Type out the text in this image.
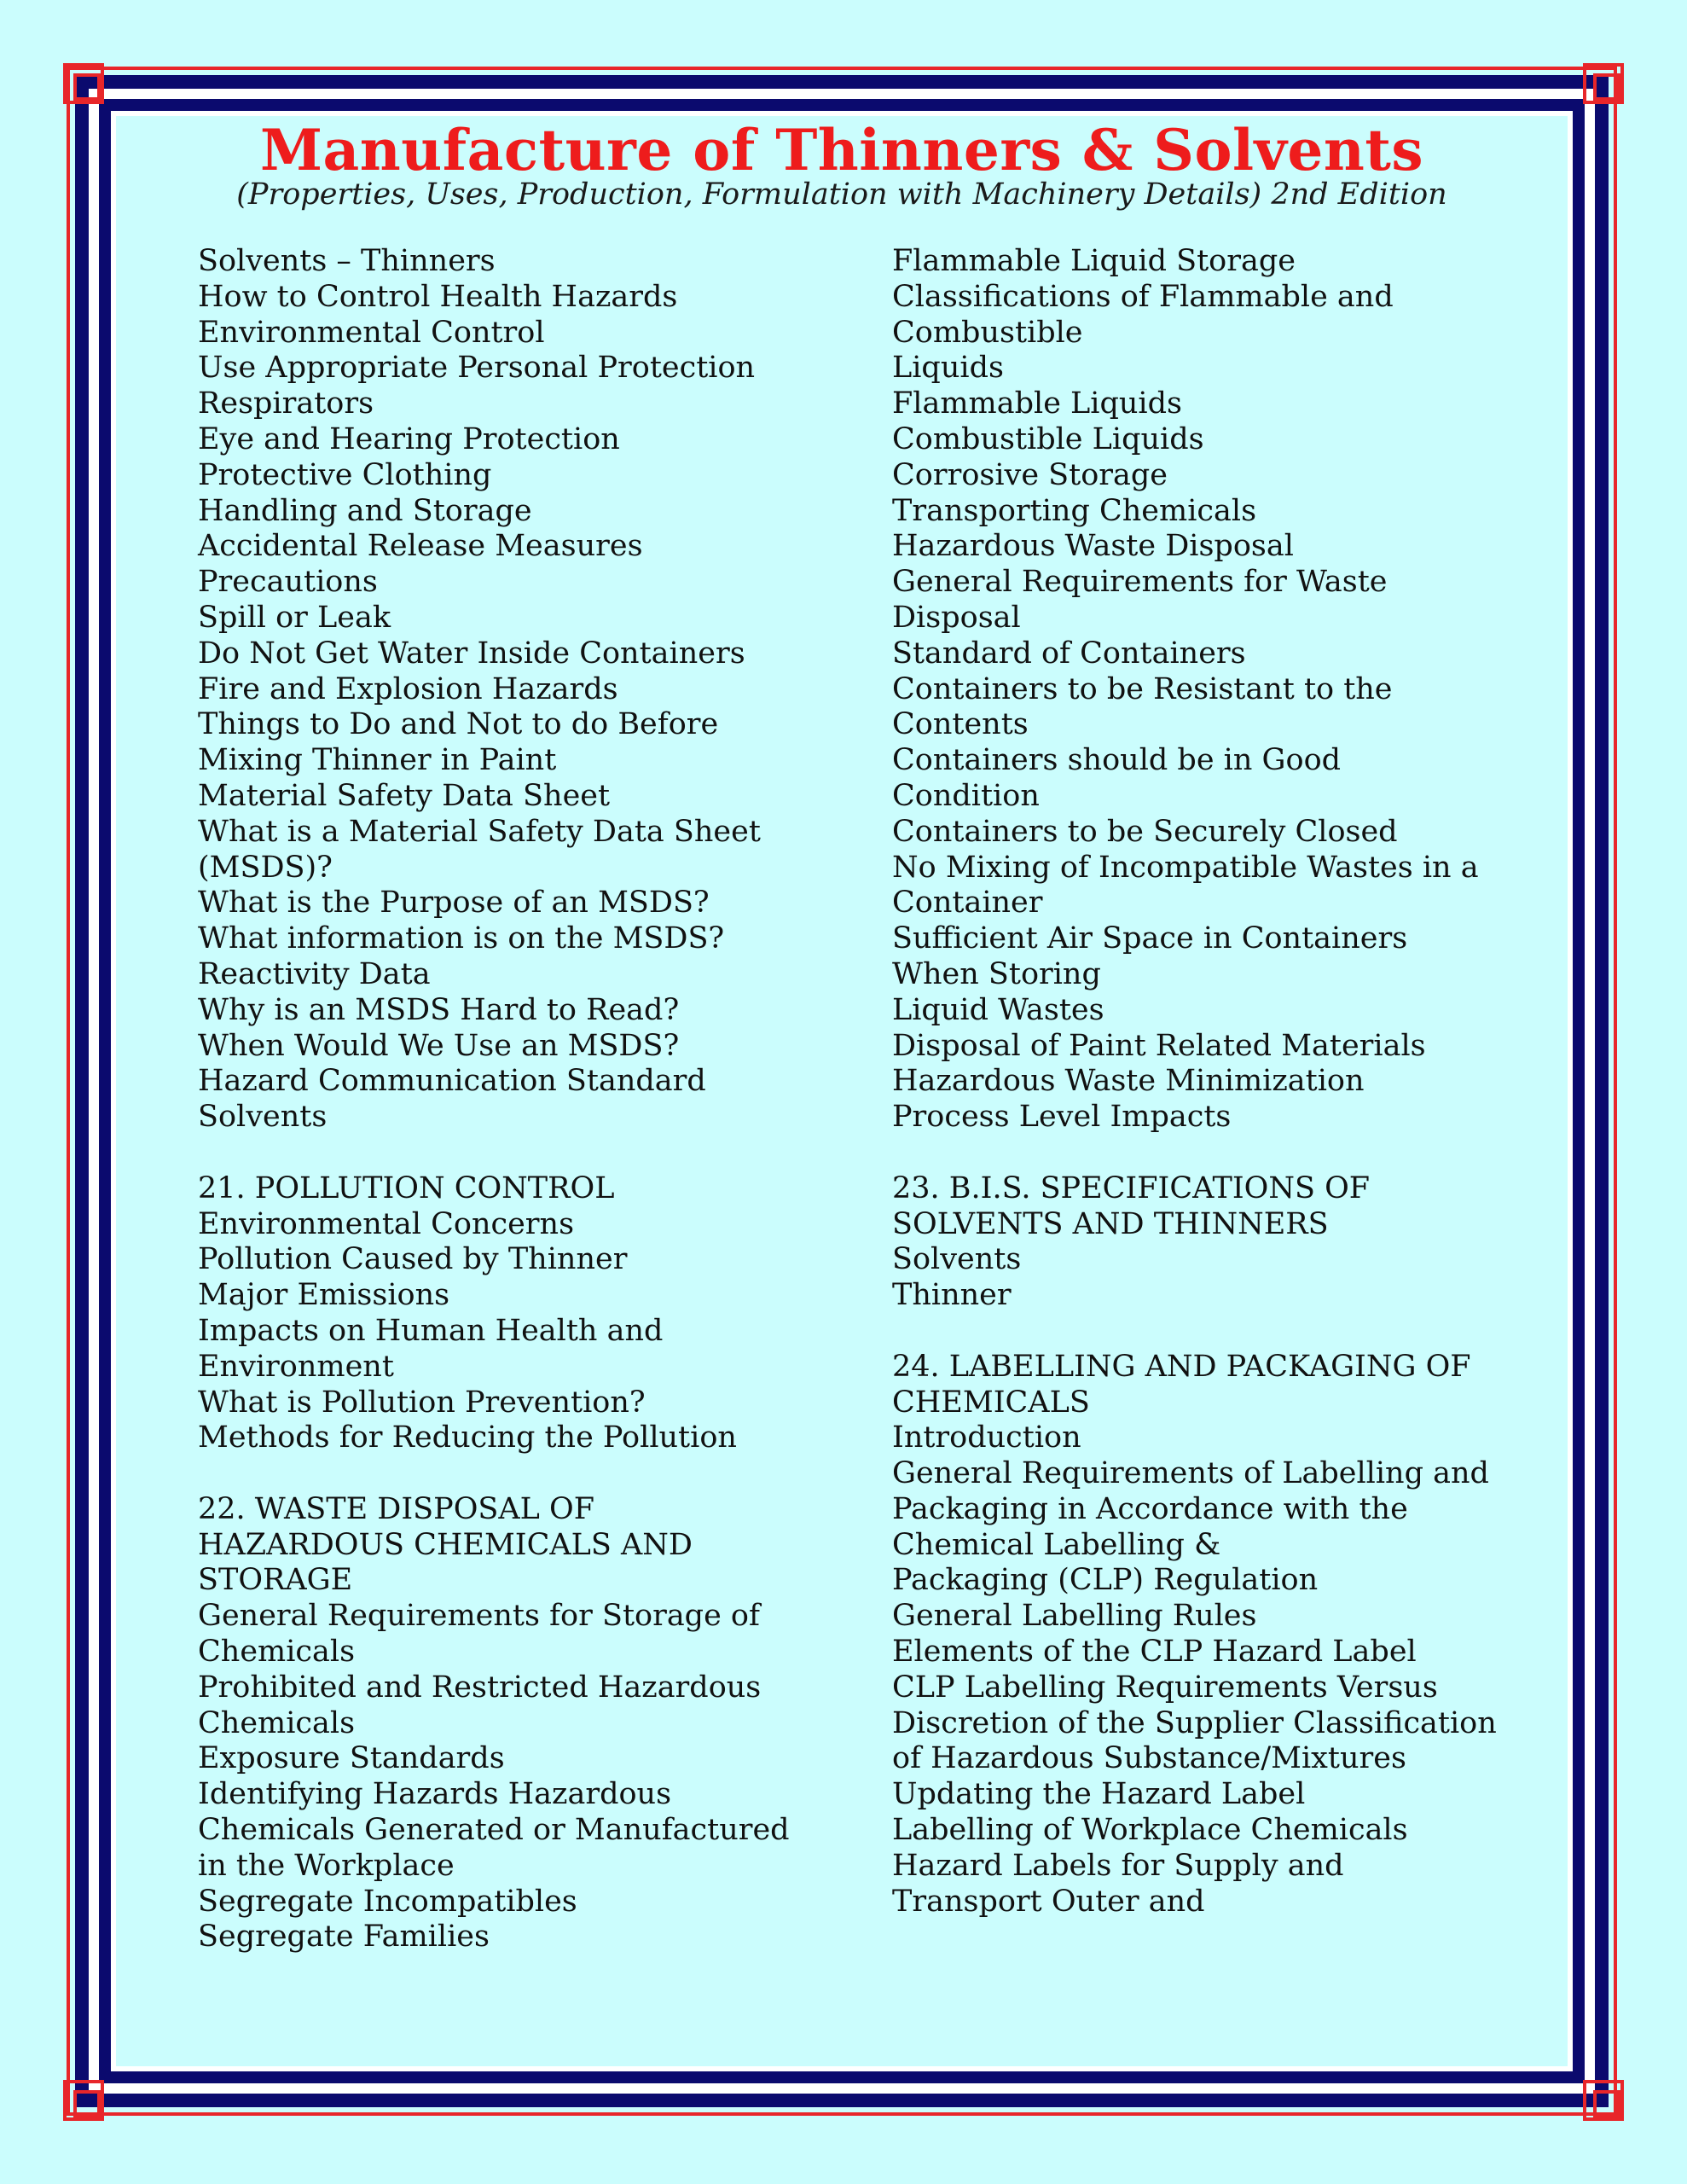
Manufacture of Thinners & Solvents

(Properties, Uses, Production, Formulation with Machinery Details) 2nd Edition

Solvents – Thinners
How to Control Health Hazards
Environmental Control
Use Appropriate Personal Protection
Respirators
Eye and Hearing Protection
Protective Clothing
Handling and Storage
Accidental Release Measures
Precautions
Spill or Leak
Do Not Get Water Inside Containers
Fire and Explosion Hazards
Things to Do and Not to do Before
Mixing Thinner in Paint
Material Safety Data Sheet
What is a Material Safety Data Sheet
(MSDS)?
What is the Purpose of an MSDS?
What information is on the MSDS?
Reactivity Data
Why is an MSDS Hard to Read?
When Would We Use an MSDS?
Hazard Communication Standard
Solvents
21. POLLUTION CONTROL
Environmental Concerns
Pollution Caused by Thinner
Major Emissions
Impacts on Human Health and
Environment
What is Pollution Prevention?
Methods for Reducing the Pollution
22. WASTE DISPOSAL OF
HAZARDOUS CHEMICALS AND
STORAGE
General Requirements for Storage of
Chemicals
Prohibited and Restricted Hazardous
Chemicals
Exposure Standards
Identifying Hazards Hazardous
Chemicals Generated or Manufactured
in the Workplace
Segregate Incompatibles
Segregate Families
Flammable Liquid Storage
Classifications of Flammable and
Combustible
Liquids
Flammable Liquids
Combustible Liquids
Corrosive Storage
Transporting Chemicals
Hazardous Waste Disposal
General Requirements for Waste
Disposal
Standard of Containers
Containers to be Resistant to the
Contents
Containers should be in Good
Condition
Containers to be Securely Closed
No Mixing of Incompatible Wastes in a
Container
Sufficient Air Space in Containers
When Storing
Liquid Wastes
Disposal of Paint Related Materials
Hazardous Waste Minimization
Process Level Impacts
23. B.I.S. SPECIFICATIONS OF
SOLVENTS AND THINNERS
Solvents
Thinner
24. LABELLING AND PACKAGING OF
CHEMICALS
Introduction
General Requirements of Labelling and
Packaging in Accordance with the
Chemical Labelling &
Packaging (CLP) Regulation
General Labelling Rules
Elements of the CLP Hazard Label
CLP Labelling Requirements Versus
Discretion of the Supplier Classification
of Hazardous Substance/Mixtures
Updating the Hazard Label
Labelling of Workplace Chemicals
Hazard Labels for Supply and
Transport Outer and
